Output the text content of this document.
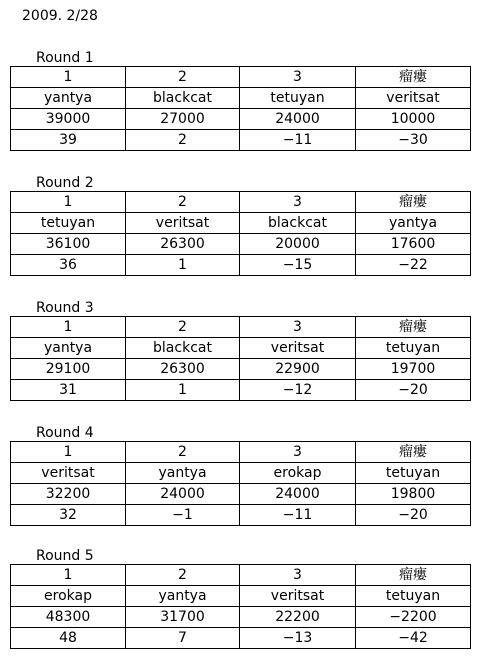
2009. 2/28
Round 1
1	2	3	瘤瘻
yantya	blackcat	tetuyan	veritsat
39000	27000	24000	10000
39	2	−11	−30
Round 2
1	2	3	瘤瘻
tetuyan	veritsat	blackcat	yantya
36100	26300	20000	17600
36	1	−15	−22
Round 3
1	2	3	瘤瘻
yantya	blackcat	veritsat	tetuyan
29100	26300	22900	19700
31	1	−12	−20
Round 4
1	2	3	瘤瘻
veritsat	yantya	erokap	tetuyan
32200	24000	24000	19800
32	−1	−11	−20
Round 5
1	2	3	瘤瘻
erokap	yantya	veritsat	tetuyan
48300	31700	22200	−2200
48	7	−13	−42
